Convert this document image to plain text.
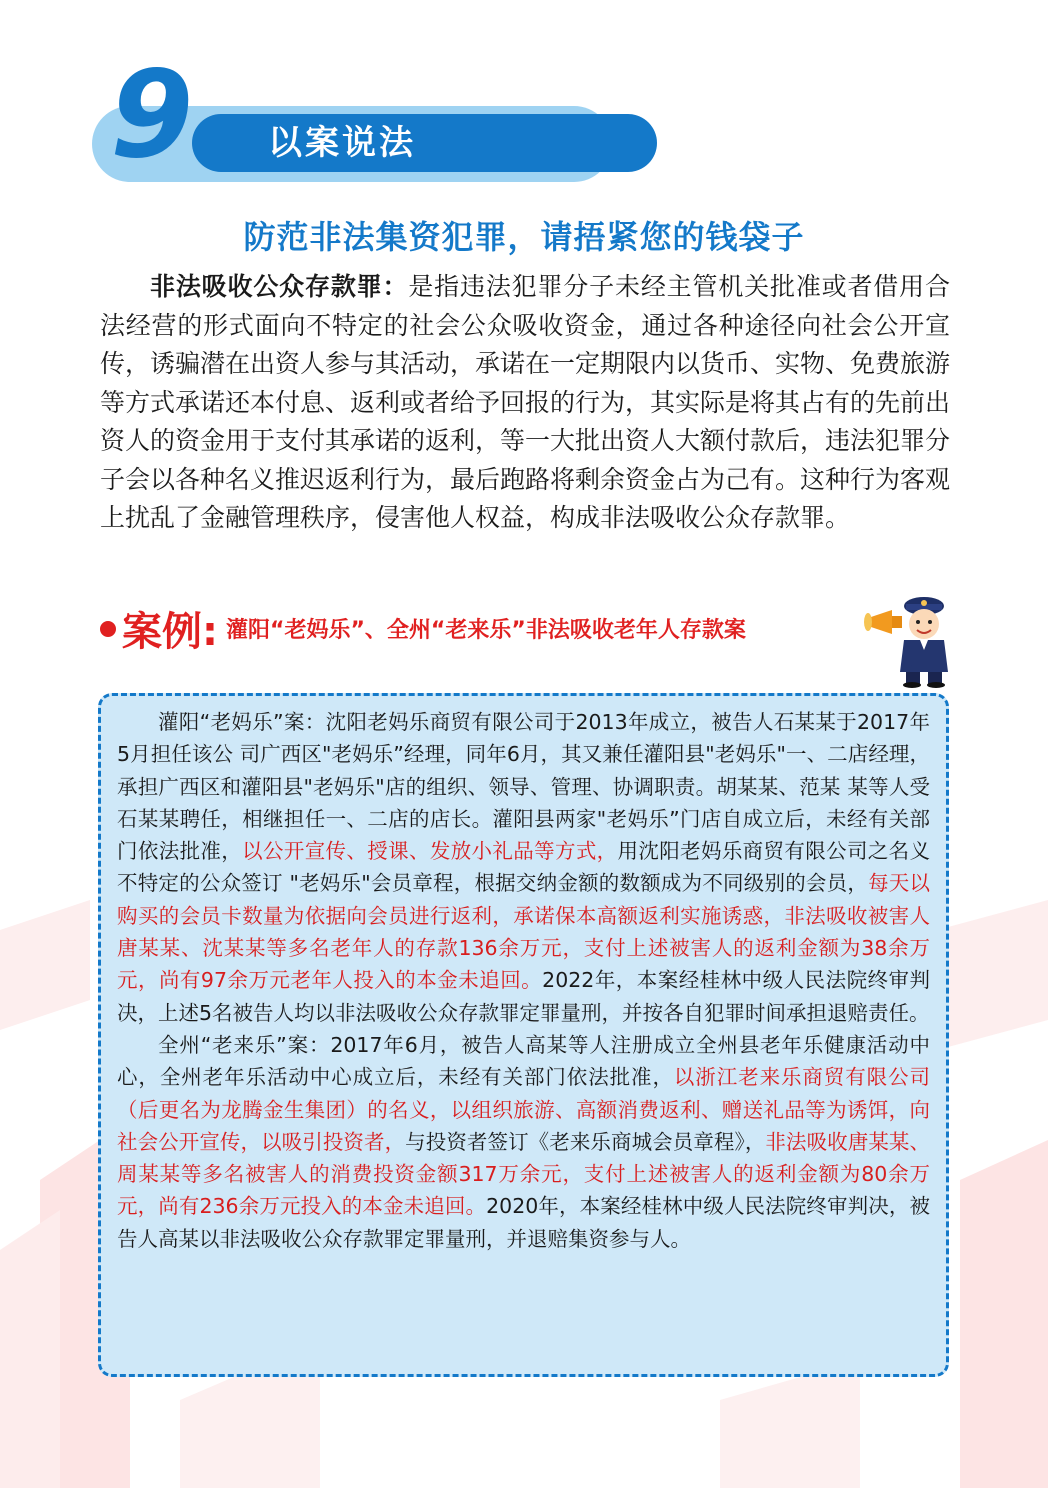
9	以案说法
防范非法集资犯罪，请捂紧您的钱袋子

非法吸收公众存款罪：是指违法犯罪分子未经主管机关批准或者借用合法经营的形式面向不特定的社会公众吸收资金，通过各种途径向社会公开宣传，诱骗潜在出资人参与其活动，承诺在一定期限内以货币、实物、免费旅游等方式承诺还本付息、返利或者给予回报的行为，其实际是将其占有的先前出资人的资金用于支付其承诺的返利，等一大批出资人大额付款后，违法犯罪分子会以各种名义推迟返利行为，最后跑路将剩余资金占为己有。这种行为客观上扰乱了金融管理秩序，侵害他人权益，构成非法吸收公众存款罪。

案例: 灌阳“老妈乐”、全州“老来乐”非法吸收老年人存款案

灌阳“老妈乐”案：沈阳老妈乐商贸有限公司于2013年成立，被告人石某某于2017年5月担任该公 司广西区"老妈乐”经理，同年6月，其又兼任灌阳县"老妈乐"一、二店经理， 承担广西区和灌阳县"老妈乐"店的组织、领导、管理、协调职责。胡某某、范某 某等人受石某某聘任，相继担任一、二店的店长。灌阳县两家"老妈乐”门店自成立后，未经有关部门依法批准，以公开宣传、授课、发放小礼品等方式，用沈阳老妈乐商贸有限公司之名义不特定的公众签订 "老妈乐"会员章程，根据交纳金额的数额成为不同级别的会员，每天以购买的会员卡数量为依据向会员进行返利，承诺保本高额返利实施诱惑，非法吸收被害人唐某某、沈某某等多名老年人的存款136余万元，支付上述被害人的返利金额为38余万元，尚有97余万元老年人投入的本金未追回。2022年，本案经桂林中级人民法院终审判决，上述5名被告人均以非法吸收公众存款罪定罪量刑，并按各自犯罪时间承担退赔责任。

全州“老来乐”案：2017年6月，被告人高某等人注册成立全州县老年乐健康活动中心，全州老年乐活动中心成立后，未经有关部门依法批准，以浙江老来乐商贸有限公司（后更名为龙腾金生集团）的名义，以组织旅游、高额消费返利、赠送礼品等为诱饵，向社会公开宣传，以吸引投资者，与投资者签订《老来乐商城会员章程》，非法吸收唐某某、周某某等多名被害人的消费投资金额317万余元，支付上述被害人的返利金额为80余万元，尚有236余万元投入的本金未追回。2020年，本案经桂林中级人民法院终审判决，被告人高某以非法吸收公众存款罪定罪量刑，并退赔集资参与人。
